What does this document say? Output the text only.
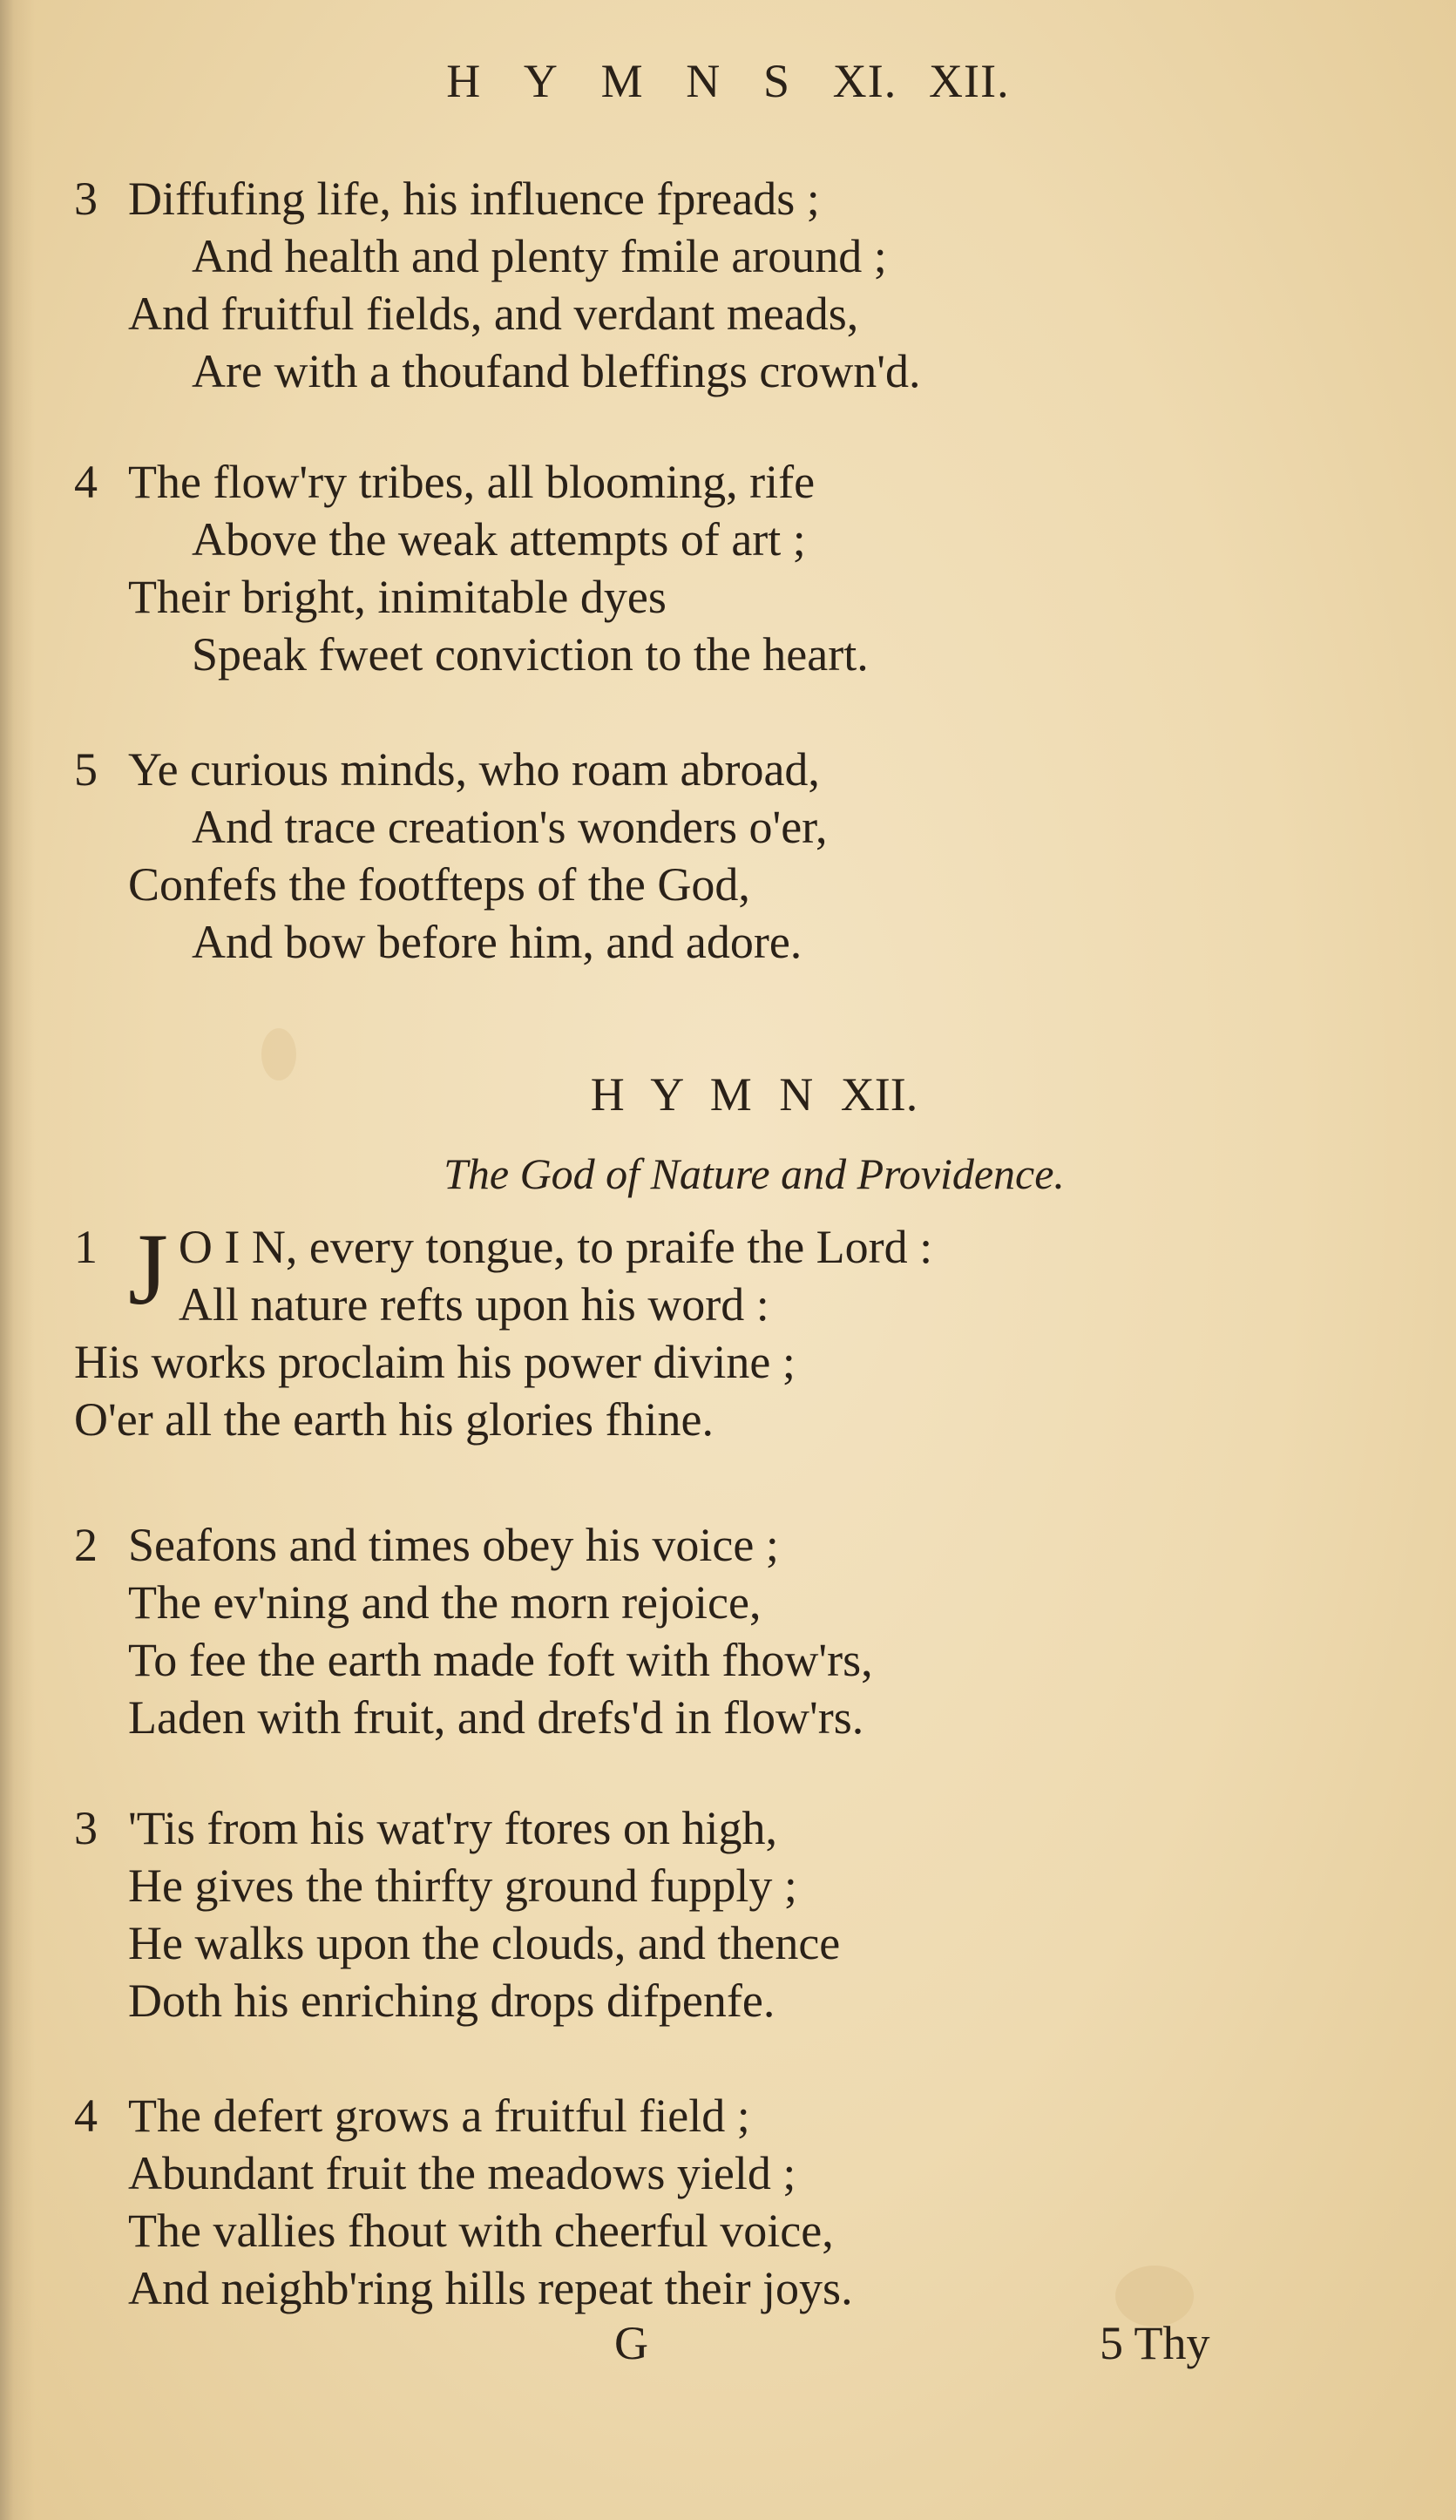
H Y M N S XI. XII.
3 Diffufing life, his influence fpreads ;
And health and plenty fmile around ;
And fruitful fields, and verdant meads,
Are with a thoufand bleffings crown'd.
4 The flow'ry tribes, all blooming, rife
Above the weak attempts of art ;
Their bright, inimitable dyes
Speak fweet conviction to the heart.
5 Ye curious minds, who roam abroad,
And trace creation's wonders o'er,
Confefs the footfteps of the God,
And bow before him, and adore.
H Y M N XII.
The God of Nature and Providence.
1 J O I N, every tongue, to praife the Lord :
All nature refts upon his word :
His works proclaim his power divine ;
O'er all the earth his glories fhine.
2 Seafons and times obey his voice ;
The ev'ning and the morn rejoice,
To fee the earth made foft with fhow'rs,
Laden with fruit, and drefs'd in flow'rs.
3 'Tis from his wat'ry ftores on high,
He gives the thirfty ground fupply ;
He walks upon the clouds, and thence
Doth his enriching drops difpenfe.
4 The defert grows a fruitful field ;
Abundant fruit the meadows yield ;
The vallies fhout with cheerful voice,
And neighb'ring hills repeat their joys.
G	5 Thy
